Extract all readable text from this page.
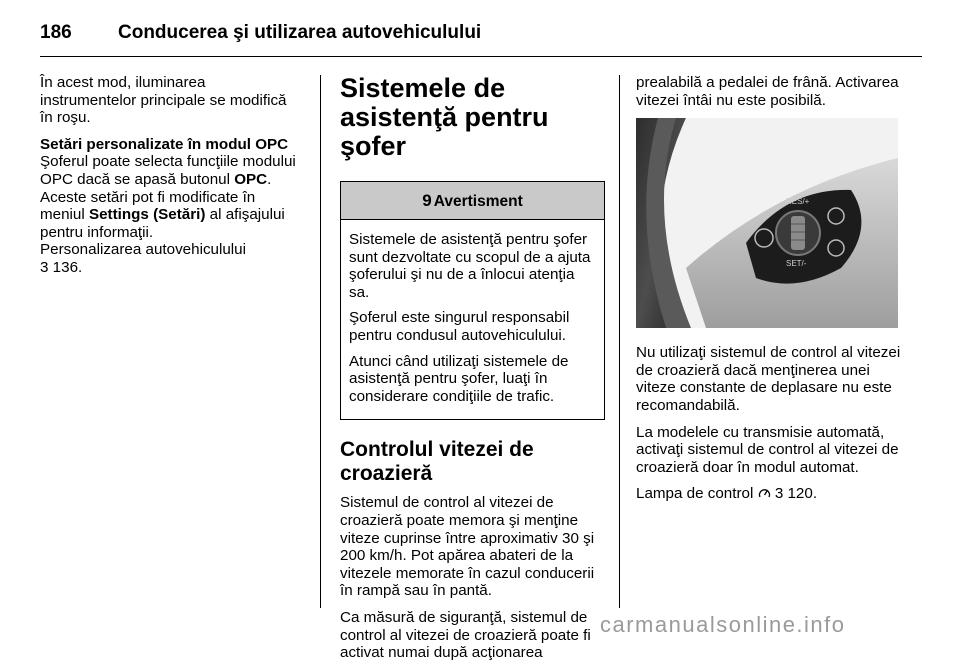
186 Conducerea şi utilizarea autovehiculului

În acest mod, iluminarea instrumentelor principale se modifică în roşu.

Setări personalizate în modul OPC

Şoferul poate selecta funcţiile modului OPC dacă se apasă butonul OPC. Aceste setări pot fi modificate în meniul Settings (Setări) al afişajului pentru informaţii.

Personalizarea autovehiculului

3 136.

Sistemele de asistenţă pentru şofer
9 Avertisment

Sistemele de asistenţă pentru şofer sunt dezvoltate cu scopul de a ajuta şoferului şi nu de a înlocui atenţia sa.

Şoferul este singurul responsabil pentru condusul autovehiculului.

Atunci când utilizaţi sistemele de asistenţă pentru şofer, luaţi în considerare condiţiile de trafic.

Controlul vitezei de croazieră

Sistemul de control al vitezei de croazieră poate memora şi menţine viteze cuprinse între aproximativ 30 şi 200 km/h. Pot apărea abateri de la vitezele memorate în cazul conducerii în rampă sau în pantă.

Ca măsură de siguranţă, sistemul de control al vitezei de croazieră poate fi activat numai după acţionarea

prealabilă a pedalei de frână. Activarea vitezei întâi nu este posibilă.

RES/+
SET/-

Nu utilizaţi sistemul de control al vitezei de croazieră dacă menţinerea unei viteze constante de deplasare nu este recomandabilă.

La modelele cu transmisie automată, activaţi sistemul de control al vitezei de croazieră doar în modul automat.

Lampa de control  3 120.

carmanualsonline.info
